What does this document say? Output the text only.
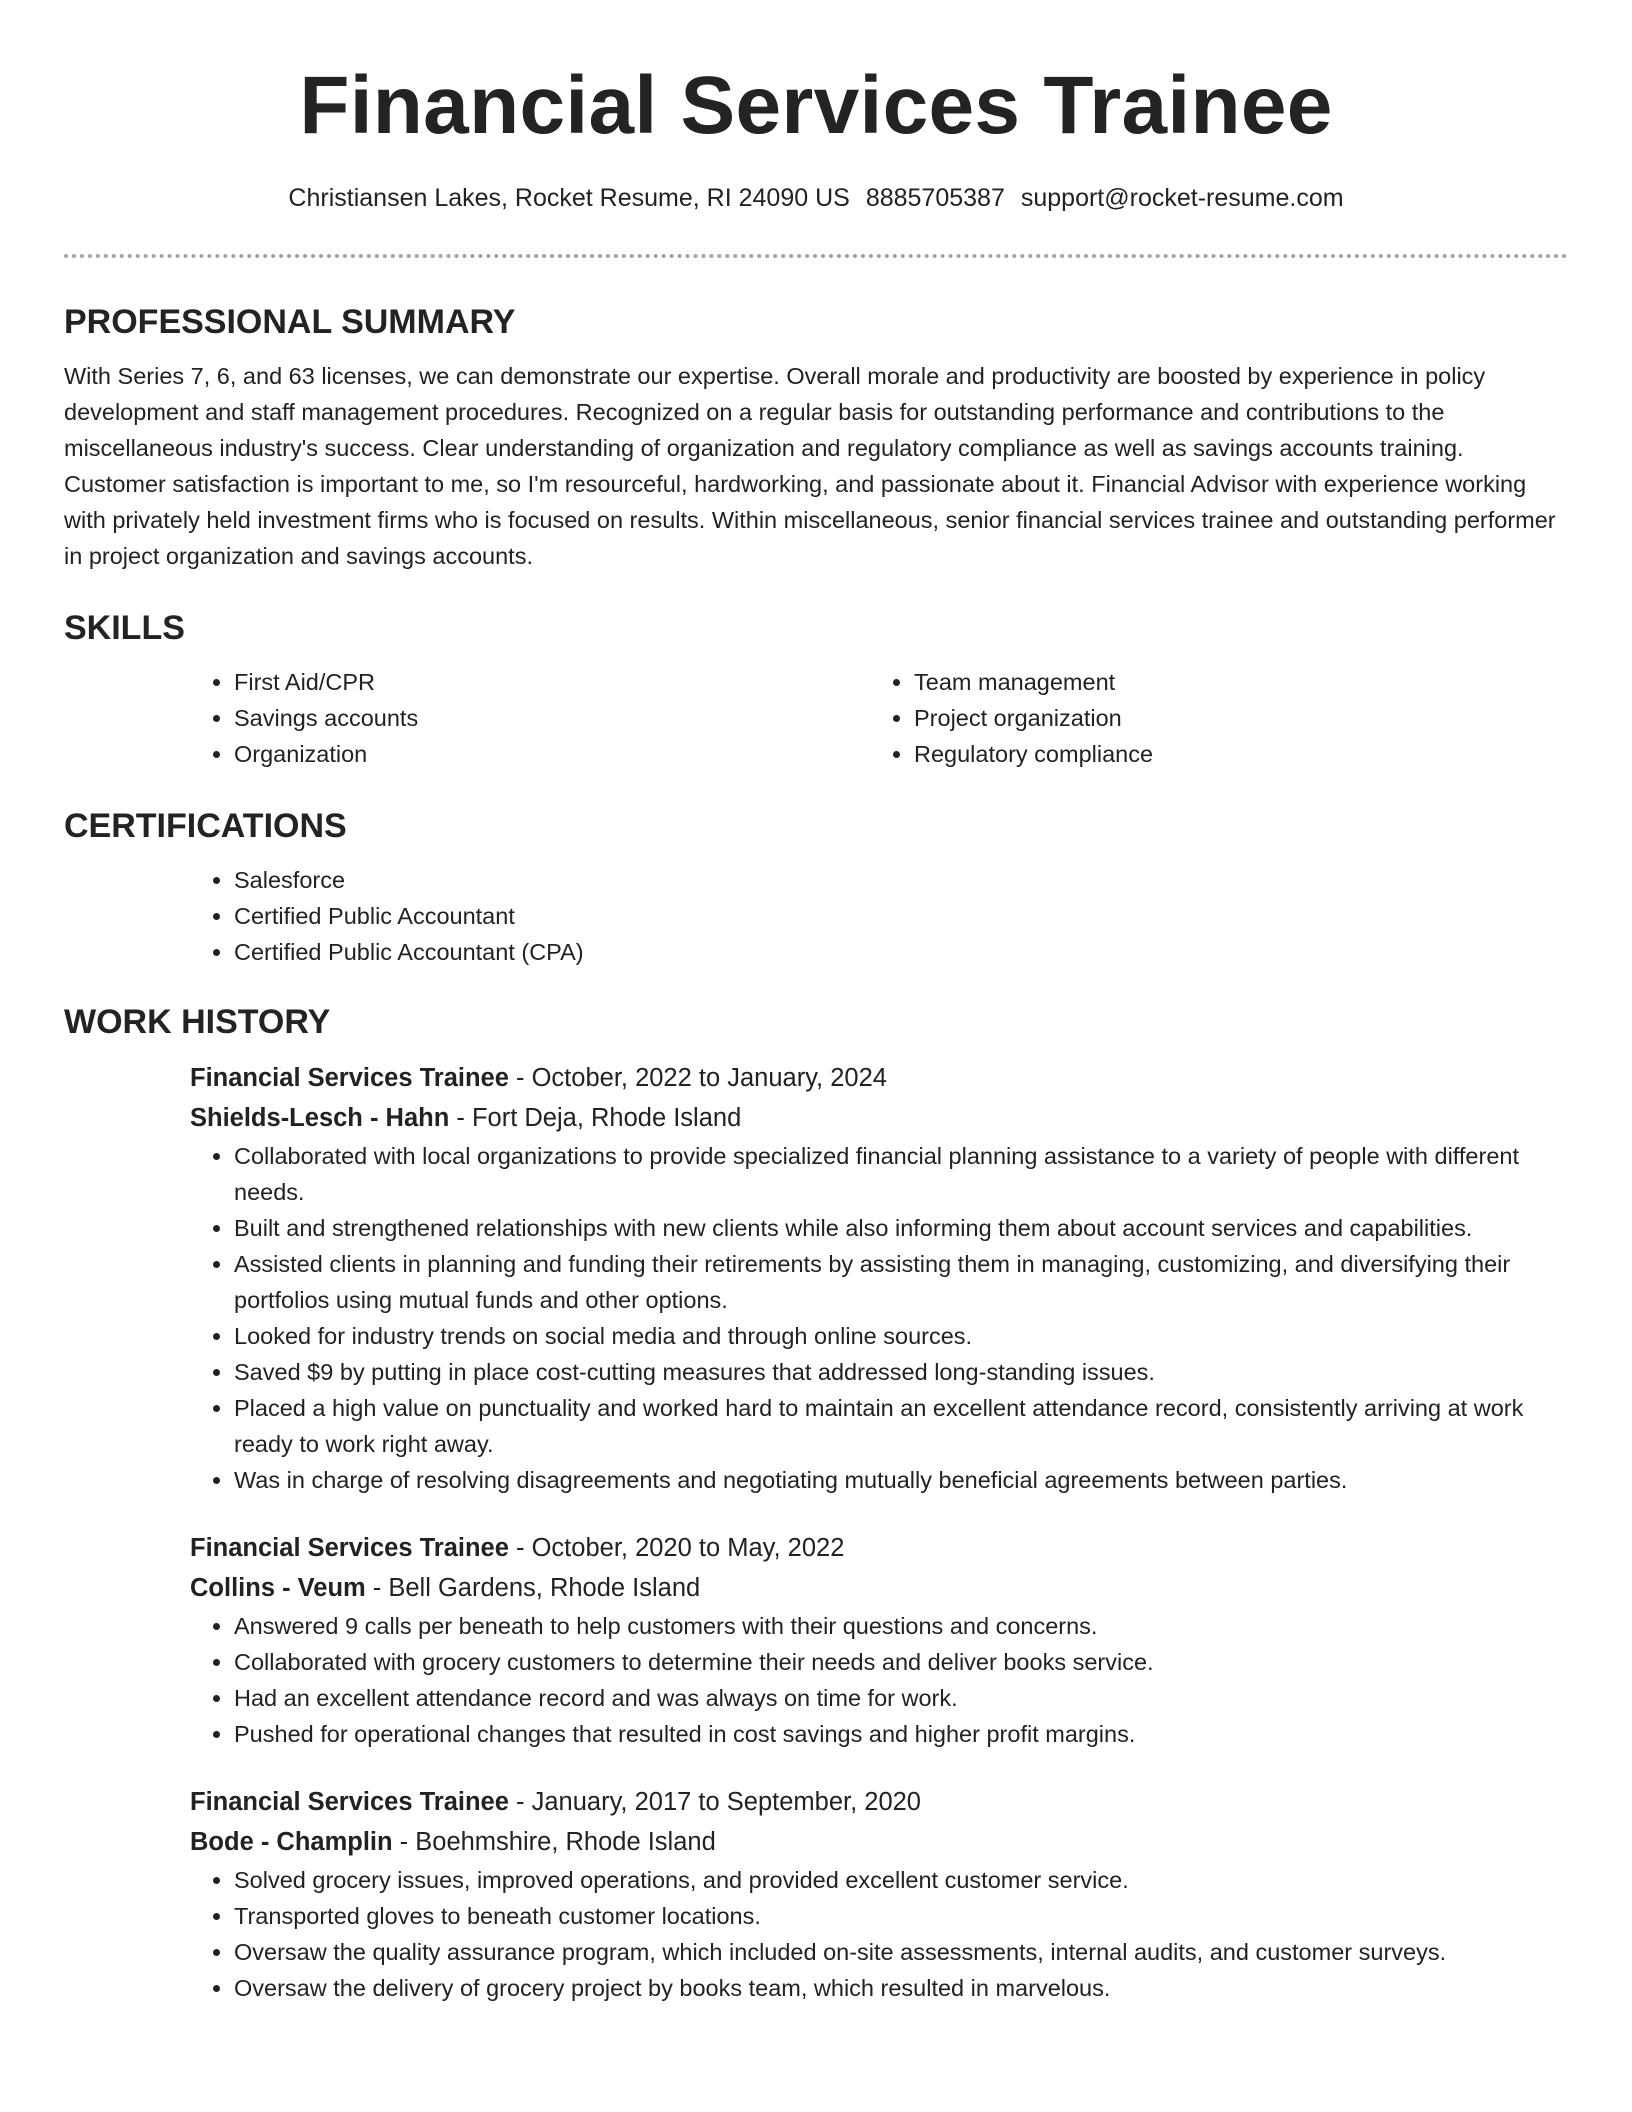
Financial Services Trainee
Christiansen Lakes, Rocket Resume, RI 24090 US 8885705387 support@rocket-resume.com
PROFESSIONAL SUMMARY

With Series 7, 6, and 63 licenses, we can demonstrate our expertise. Overall morale and productivity are boosted by experience in policy development and staff management procedures. Recognized on a regular basis for outstanding performance and contributions to the miscellaneous industry's success. Clear understanding of organization and regulatory compliance as well as savings accounts training. Customer satisfaction is important to me, so I'm resourceful, hardworking, and passionate about it. Financial Advisor with experience working with privately held investment firms who is focused on results. Within miscellaneous, senior financial services trainee and outstanding performer in project organization and savings accounts.

SKILLS
• First Aid/CPR
• Savings accounts
• Organization
• Team management
• Project organization
• Regulatory compliance
CERTIFICATIONS
• Salesforce
• Certified Public Accountant
• Certified Public Accountant (CPA)
WORK HISTORY

Financial Services Trainee - October, 2022 to January, 2024

Shields-Lesch - Hahn - Fort Deja, Rhode Island

• Collaborated with local organizations to provide specialized financial planning assistance to a variety of people with different needs.
• Built and strengthened relationships with new clients while also informing them about account services and capabilities.
• Assisted clients in planning and funding their retirements by assisting them in managing, customizing, and diversifying their portfolios using mutual funds and other options.
• Looked for industry trends on social media and through online sources.
• Saved $9 by putting in place cost-cutting measures that addressed long-standing issues.
• Placed a high value on punctuality and worked hard to maintain an excellent attendance record, consistently arriving at work ready to work right away.
• Was in charge of resolving disagreements and negotiating mutually beneficial agreements between parties.

Financial Services Trainee - October, 2020 to May, 2022

Collins - Veum - Bell Gardens, Rhode Island

• Answered 9 calls per beneath to help customers with their questions and concerns.
• Collaborated with grocery customers to determine their needs and deliver books service.
• Had an excellent attendance record and was always on time for work.
• Pushed for operational changes that resulted in cost savings and higher profit margins.

Financial Services Trainee - January, 2017 to September, 2020

Bode - Champlin - Boehmshire, Rhode Island

• Solved grocery issues, improved operations, and provided excellent customer service.
• Transported gloves to beneath customer locations.
• Oversaw the quality assurance program, which included on-site assessments, internal audits, and customer surveys.
• Oversaw the delivery of grocery project by books team, which resulted in marvelous.
